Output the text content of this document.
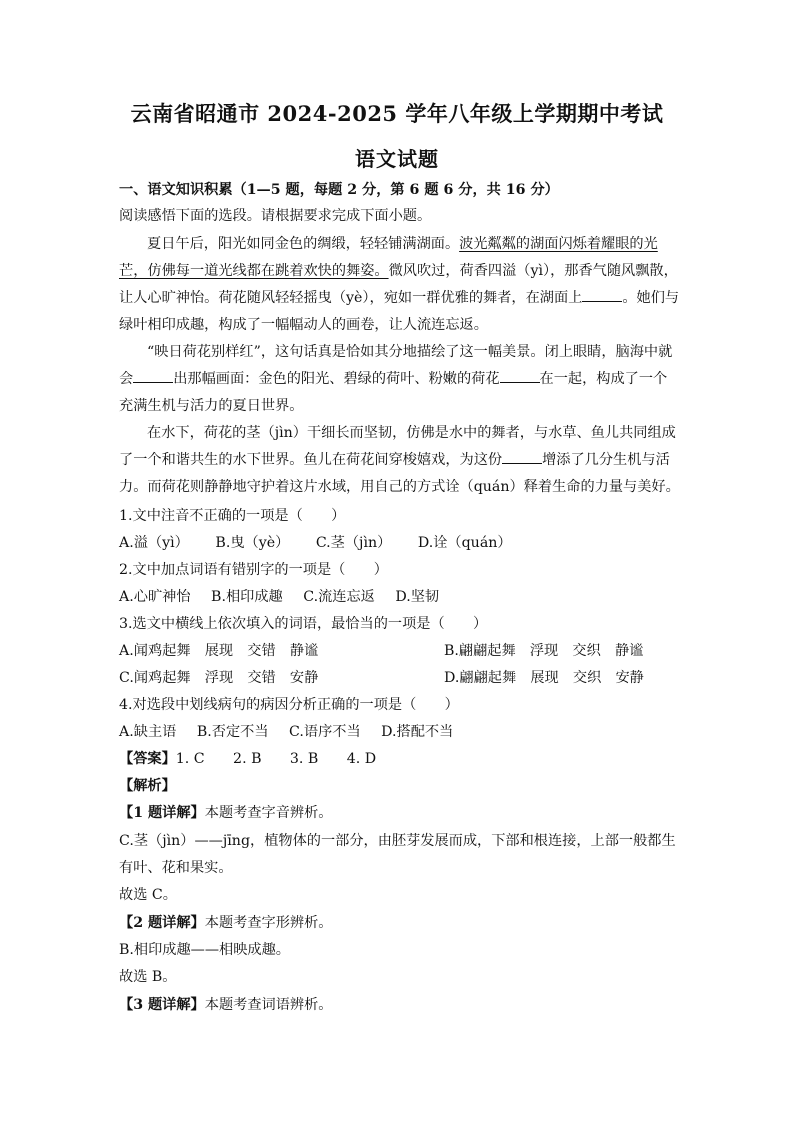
云南省昭通市 2024-2025 学年八年级上学期期中考试
语文试题
一、语文知识积累（1—5 题，每题 2 分，第 6 题 6 分，共 16 分）
阅读感悟下面的选段。请根据要求完成下面小题。
夏日午后，阳光如同金色的绸缎，轻轻铺满湖面。波光粼粼的湖面闪烁着耀眼的光
芒，仿佛每一道光线都在跳着欢快的舞姿。微风吹过，荷香四溢（yì），那香气随风飘散，
让人心旷神怡。荷花随风轻轻摇曳（yè），宛如一群优雅的舞者，在湖面上	。她们与
绿叶相印成趣，构成了一幅幅动人的画卷，让人流连忘返。
“映日荷花别样红”，这句话真是恰如其分地描绘了这一幅美景。闭上眼睛，脑海中就
会	出那幅画面：金色的阳光、碧绿的荷叶、粉嫩的荷花	在一起，构成了一个
充满生机与活力的夏日世界。
在水下，荷花的茎（jìn）干细长而坚韧，仿佛是水中的舞者，与水草、鱼儿共同组成
了一个和谐共生的水下世界。鱼儿在荷花间穿梭嬉戏，为这份	增添了几分生机与活
力。而荷花则静静地守护着这片水域，用自己的方式诠（quán）释着生命的力量与美好。
1.文中注音不正确的一项是（　　）
A.溢（yì） B.曳（yè） C.茎（jìn） D.诠（quán）
2.文中加点词语有错别字的一项是（　　）
A.心旷神怡 B.相印成趣 C.流连忘返 D.坚韧
3.选文中横线上依次填入的词语，最恰当的一项是（　　）
A.闻鸡起舞　展现　交错　静谧	B.翩翩起舞　浮现　交织　静谧
C.闻鸡起舞　浮现　交错　安静	D.翩翩起舞　展现　交织　安静
4.对选段中划线病句的病因分析正确的一项是（　　）
A.缺主语 B.否定不当 C.语序不当 D.搭配不当
【答案】1. C　　2. B　　3. B　　4. D
【解析】
【1 题详解】本题考查字音辨析。
C.茎（jìn）——jīng，植物体的一部分，由胚芽发展而成，下部和根连接，上部一般都生
有叶、花和果实。
故选 C。
【2 题详解】本题考查字形辨析。
B.相印成趣——相映成趣。
故选 B。
【3 题详解】本题考查词语辨析。
